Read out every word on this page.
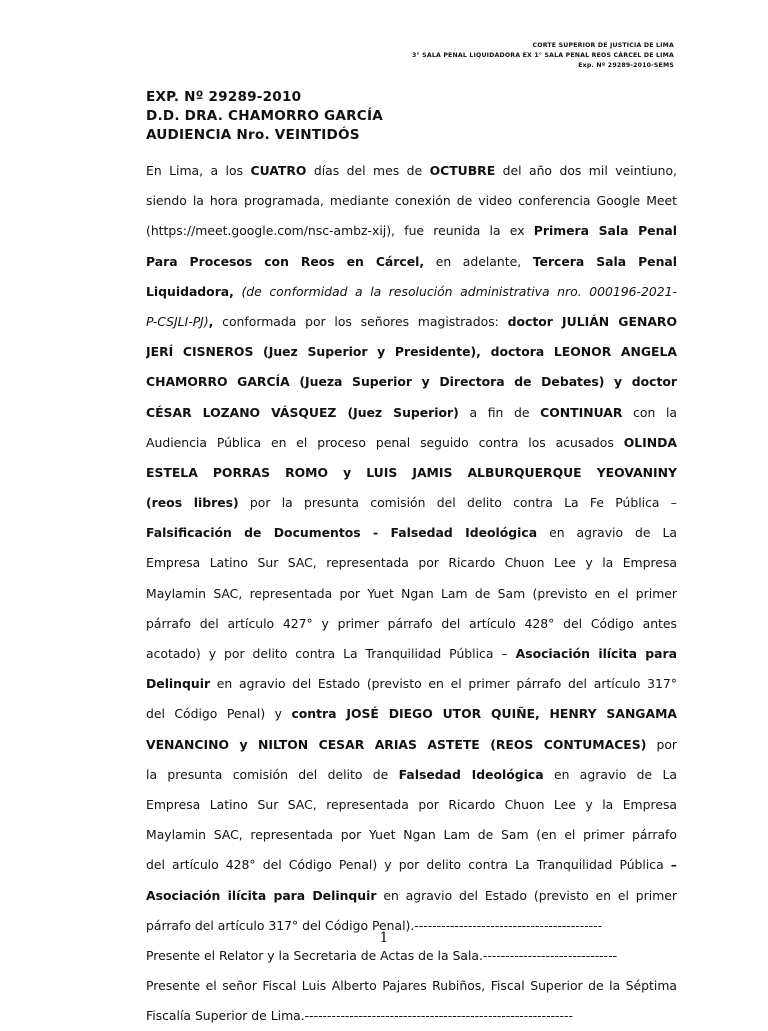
CORTE SUPERIOR DE JUSTICIA DE LIMA
3° SALA PENAL LIQUIDADORA EX 1° SALA PENAL REOS CÁRCEL DE LIMA
Exp. Nº 29289-2010-SEMS
EXP. Nº 29289-2010
D.D. DRA. CHAMORRO GARCÍA
AUDIENCIA Nro. VEINTIDÓS
En Lima, a los CUATRO días del mes de OCTUBRE del año dos mil veintiuno,
siendo la hora programada, mediante conexión de video conferencia Google Meet
(https://meet.google.com/nsc-ambz-xij), fue reunida la ex Primera Sala Penal
Para Procesos con Reos en Cárcel, en adelante, Tercera Sala Penal
Liquidadora, (de conformidad a la resolución administrativa nro. 000196-2021-
P-CSJLI-PJ), conformada por los señores magistrados: doctor JULIÁN GENARO
JERÍ CISNEROS (Juez Superior y Presidente), doctora LEONOR ANGELA
CHAMORRO GARCÍA (Jueza Superior y Directora de Debates) y doctor
CÉSAR LOZANO VÁSQUEZ (Juez Superior) a fin de CONTINUAR con la
Audiencia Pública en el proceso penal seguido contra los acusados OLINDA
ESTELA PORRAS ROMO y LUIS JAMIS ALBURQUERQUE YEOVANINY
(reos libres) por la presunta comisión del delito contra La Fe Pública –
Falsificación de Documentos - Falsedad Ideológica en agravio de La
Empresa Latino Sur SAC, representada por Ricardo Chuon Lee y la Empresa
Maylamin SAC, representada por Yuet Ngan Lam de Sam (previsto en el primer
párrafo del artículo 427° y primer párrafo del artículo 428° del Código antes
acotado) y por delito contra La Tranquilidad Pública – Asociación ilícita para
Delinquir en agravio del Estado (previsto en el primer párrafo del artículo 317°
del Código Penal) y contra JOSÉ DIEGO UTOR QUIÑE, HENRY SANGAMA
VENANCINO y NILTON CESAR ARIAS ASTETE (REOS CONTUMACES) por
la presunta comisión del delito de Falsedad Ideológica en agravio de La
Empresa Latino Sur SAC, representada por Ricardo Chuon Lee y la Empresa
Maylamin SAC, representada por Yuet Ngan Lam de Sam (en el primer párrafo
del artículo 428° del Código Penal) y por delito contra La Tranquilidad Pública –
Asociación ilícita para Delinquir en agravio del Estado (previsto en el primer
párrafo del artículo 317° del Código Penal).------------------------------------------
Presente el Relator y la Secretaria de Actas de la Sala.------------------------------
Presente el señor Fiscal Luis Alberto Pajares Rubiños, Fiscal Superior de la Séptima
Fiscalía Superior de Lima.------------------------------------------------------------
1
